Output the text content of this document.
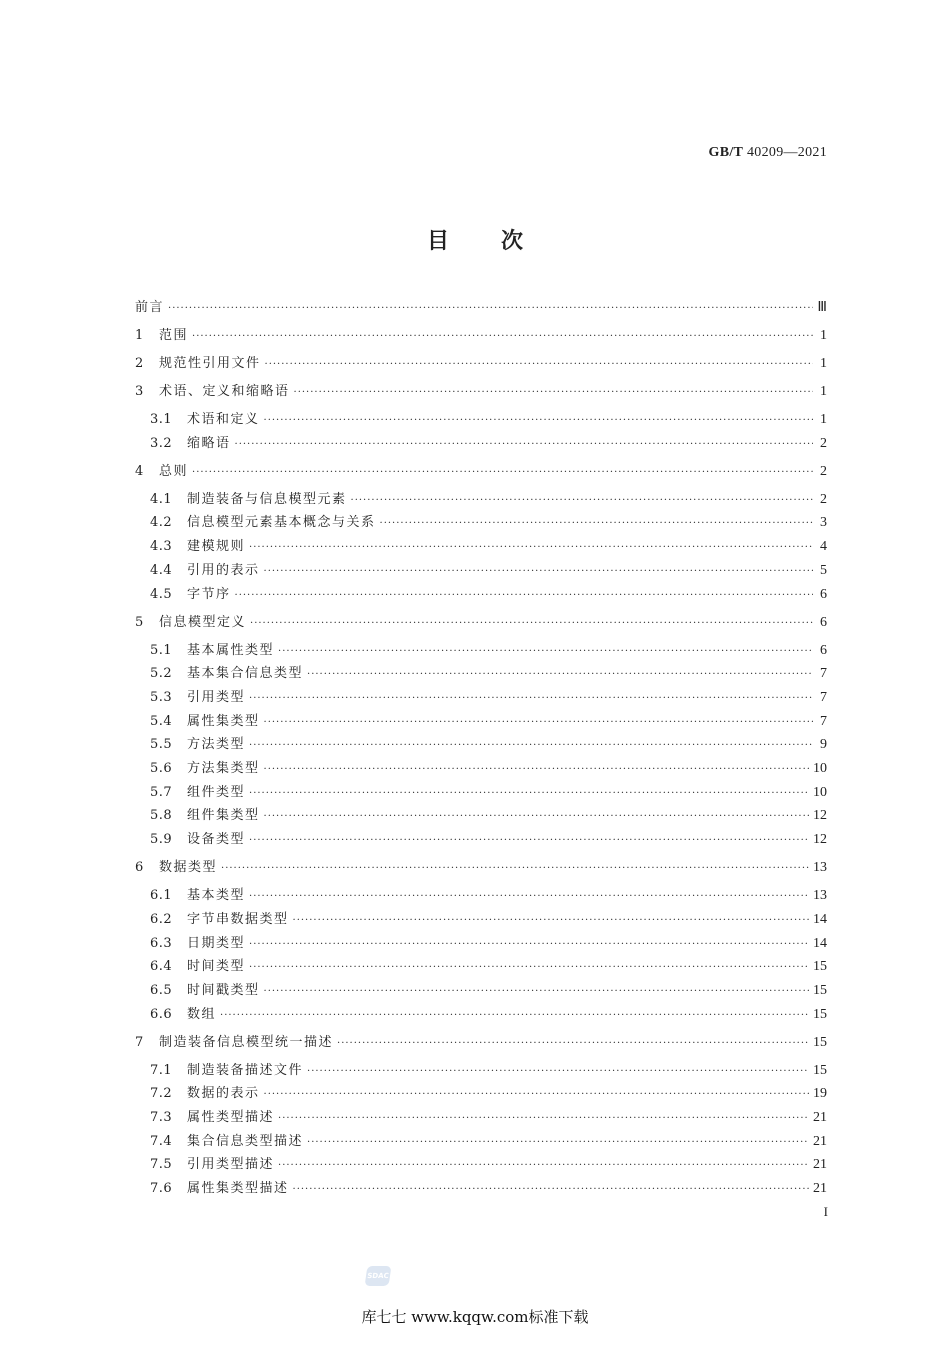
GB/T 40209—2021
目次
前言 ·····	Ⅲ
1	范围 ·····	1
2	规范性引用文件 ·····	1
3	术语、定义和缩略语 ·····	1
3.1	术语和定义 ·····	1
3.2	缩略语 ·····	2
4	总则 ·····	2
4.1	制造装备与信息模型元素 ·····	2
4.2	信息模型元素基本概念与关系 ·····	3
4.3	建模规则 ·····	4
4.4	引用的表示 ·····	5
4.5	字节序 ·····	6
5	信息模型定义 ·····	6
5.1	基本属性类型 ·····	6
5.2	基本集合信息类型 ·····	7
5.3	引用类型 ·····	7
5.4	属性集类型 ·····	7
5.5	方法类型 ·····	9
5.6	方法集类型 ·····	10
5.7	组件类型 ·····	10
5.8	组件集类型 ·····	12
5.9	设备类型 ·····	12
6	数据类型 ·····	13
6.1	基本类型 ·····	13
6.2	字节串数据类型 ·····	14
6.3	日期类型 ·····	14
6.4	时间类型 ·····	15
6.5	时间戳类型 ·····	15
6.6	数组 ·····	15
7	制造装备信息模型统一描述 ·····	15
7.1	制造装备描述文件 ·····	15
7.2	数据的表示 ·····	19
7.3	属性类型描述 ·····	21
7.4	集合信息类型描述 ·····	21
7.5	引用类型描述 ·····	21
7.6	属性集类型描述 ·····	21
I
SDAC
库七七 www.kqqw.com标准下载
